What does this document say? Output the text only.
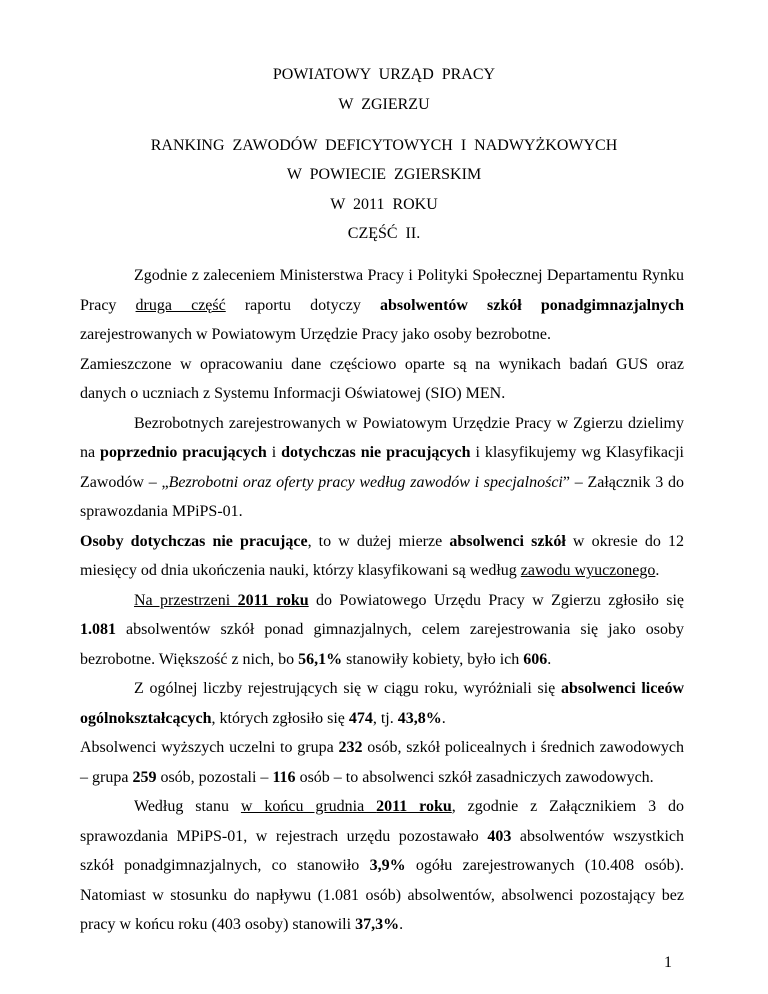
POWIATOWY URZĄD PRACY
W ZGIERZU
RANKING ZAWODÓW DEFICYTOWYCH I NADWYŻKOWYCH
W POWIECIE ZGIERSKIM
W 2011 ROKU
CZĘŚĆ II.

Zgodnie z zaleceniem Ministerstwa Pracy i Polityki Społecznej Departamentu Rynku Pracy druga część raportu dotyczy absolwentów szkół ponadgimnazjalnych zarejestrowanych w Powiatowym Urzędzie Pracy jako osoby bezrobotne.

Zamieszczone w opracowaniu dane częściowo oparte są na wynikach badań GUS oraz danych o uczniach z Systemu Informacji Oświatowej (SIO) MEN.

Bezrobotnych zarejestrowanych w Powiatowym Urzędzie Pracy w Zgierzu dzielimy na poprzednio pracujących i dotychczas nie pracujących i klasyfikujemy wg Klasyfikacji Zawodów – „Bezrobotni oraz oferty pracy według zawodów i specjalności” – Załącznik 3 do sprawozdania MPiPS-01.

Osoby dotychczas nie pracujące, to w dużej mierze absolwenci szkół w okresie do 12 miesięcy od dnia ukończenia nauki, którzy klasyfikowani są według zawodu wyuczonego.

Na przestrzeni 2011 roku do Powiatowego Urzędu Pracy w Zgierzu zgłosiło się 1.081 absolwentów szkół ponad gimnazjalnych, celem zarejestrowania się jako osoby bezrobotne. Większość z nich, bo 56,1% stanowiły kobiety, było ich 606.

Z ogólnej liczby rejestrujących się w ciągu roku, wyróżniali się absolwenci liceów ogólnokształcących, których zgłosiło się 474, tj. 43,8%.

Absolwenci wyższych uczelni to grupa 232 osób, szkół policealnych i średnich zawodowych – grupa 259 osób, pozostali – 116 osób – to absolwenci szkół zasadniczych zawodowych.

Według stanu w końcu grudnia 2011 roku, zgodnie z Załącznikiem 3 do sprawozdania MPiPS-01, w rejestrach urzędu pozostawało 403 absolwentów wszystkich szkół ponadgimnazjalnych, co stanowiło 3,9% ogółu zarejestrowanych (10.408 osób). Natomiast w stosunku do napływu (1.081 osób) absolwentów, absolwenci pozostający bez pracy w końcu roku (403 osoby) stanowili 37,3%.

1
